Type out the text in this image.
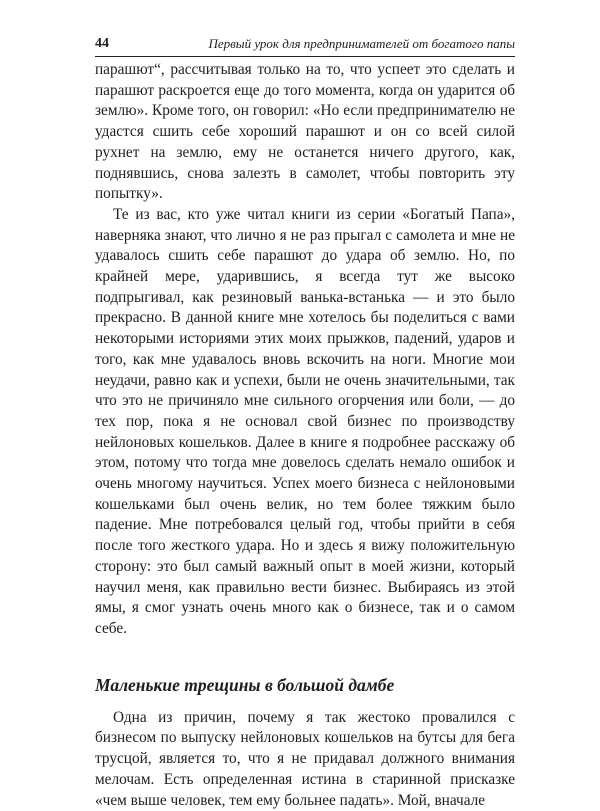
44	Первый урок для предпринимателей от богатого папы

парашют“, рассчитывая только на то, что успеет это сделать и парашют раскроется еще до того момента, когда он ударится об землю». Кроме того, он говорил: «Но если предпринимателю не удастся сшить себе хороший парашют и он со всей силой рухнет на землю, ему не останется ничего другого, как, поднявшись, снова залезть в самолет, чтобы повторить эту попытку».

Те из вас, кто уже читал книги из серии «Богатый Папа», наверняка знают, что лично я не раз прыгал с самолета и мне не удавалось сшить себе парашют до удара об землю. Но, по крайней мере, ударившись, я всегда тут же высоко подпрыгивал, как резиновый ванька-встанька — и это было прекрасно. В данной книге мне хотелось бы поделиться с вами некоторыми историями этих моих прыжков, падений, ударов и того, как мне удавалось вновь вскочить на ноги. Многие мои неудачи, равно как и успехи, были не очень значительными, так что это не причиняло мне сильного огорчения или боли, — до тех пор, пока я не основал свой бизнес по производству нейлоновых кошельков. Далее в книге я подробнее расскажу об этом, потому что тогда мне довелось сделать немало ошибок и очень многому научиться. Успех моего бизнеса с нейлоновыми кошельками был очень велик, но тем более тяжким было падение. Мне потребовался целый год, чтобы прийти в себя после того жесткого удара. Но и здесь я вижу положительную сторону: это был самый важный опыт в моей жизни, который научил меня, как правильно вести бизнес. Выбираясь из этой ямы, я смог узнать очень много как о бизнесе, так и о самом себе.

Маленькие трещины в большой дамбе

Одна из причин, почему я так жестоко провалился с бизнесом по выпуску нейлоновых кошельков на бутсы для бега трусцой, является то, что я не придавал должного внимания мелочам. Есть определенная истина в старинной присказке «чем выше человек, тем ему больнее падать». Мой, вначале
